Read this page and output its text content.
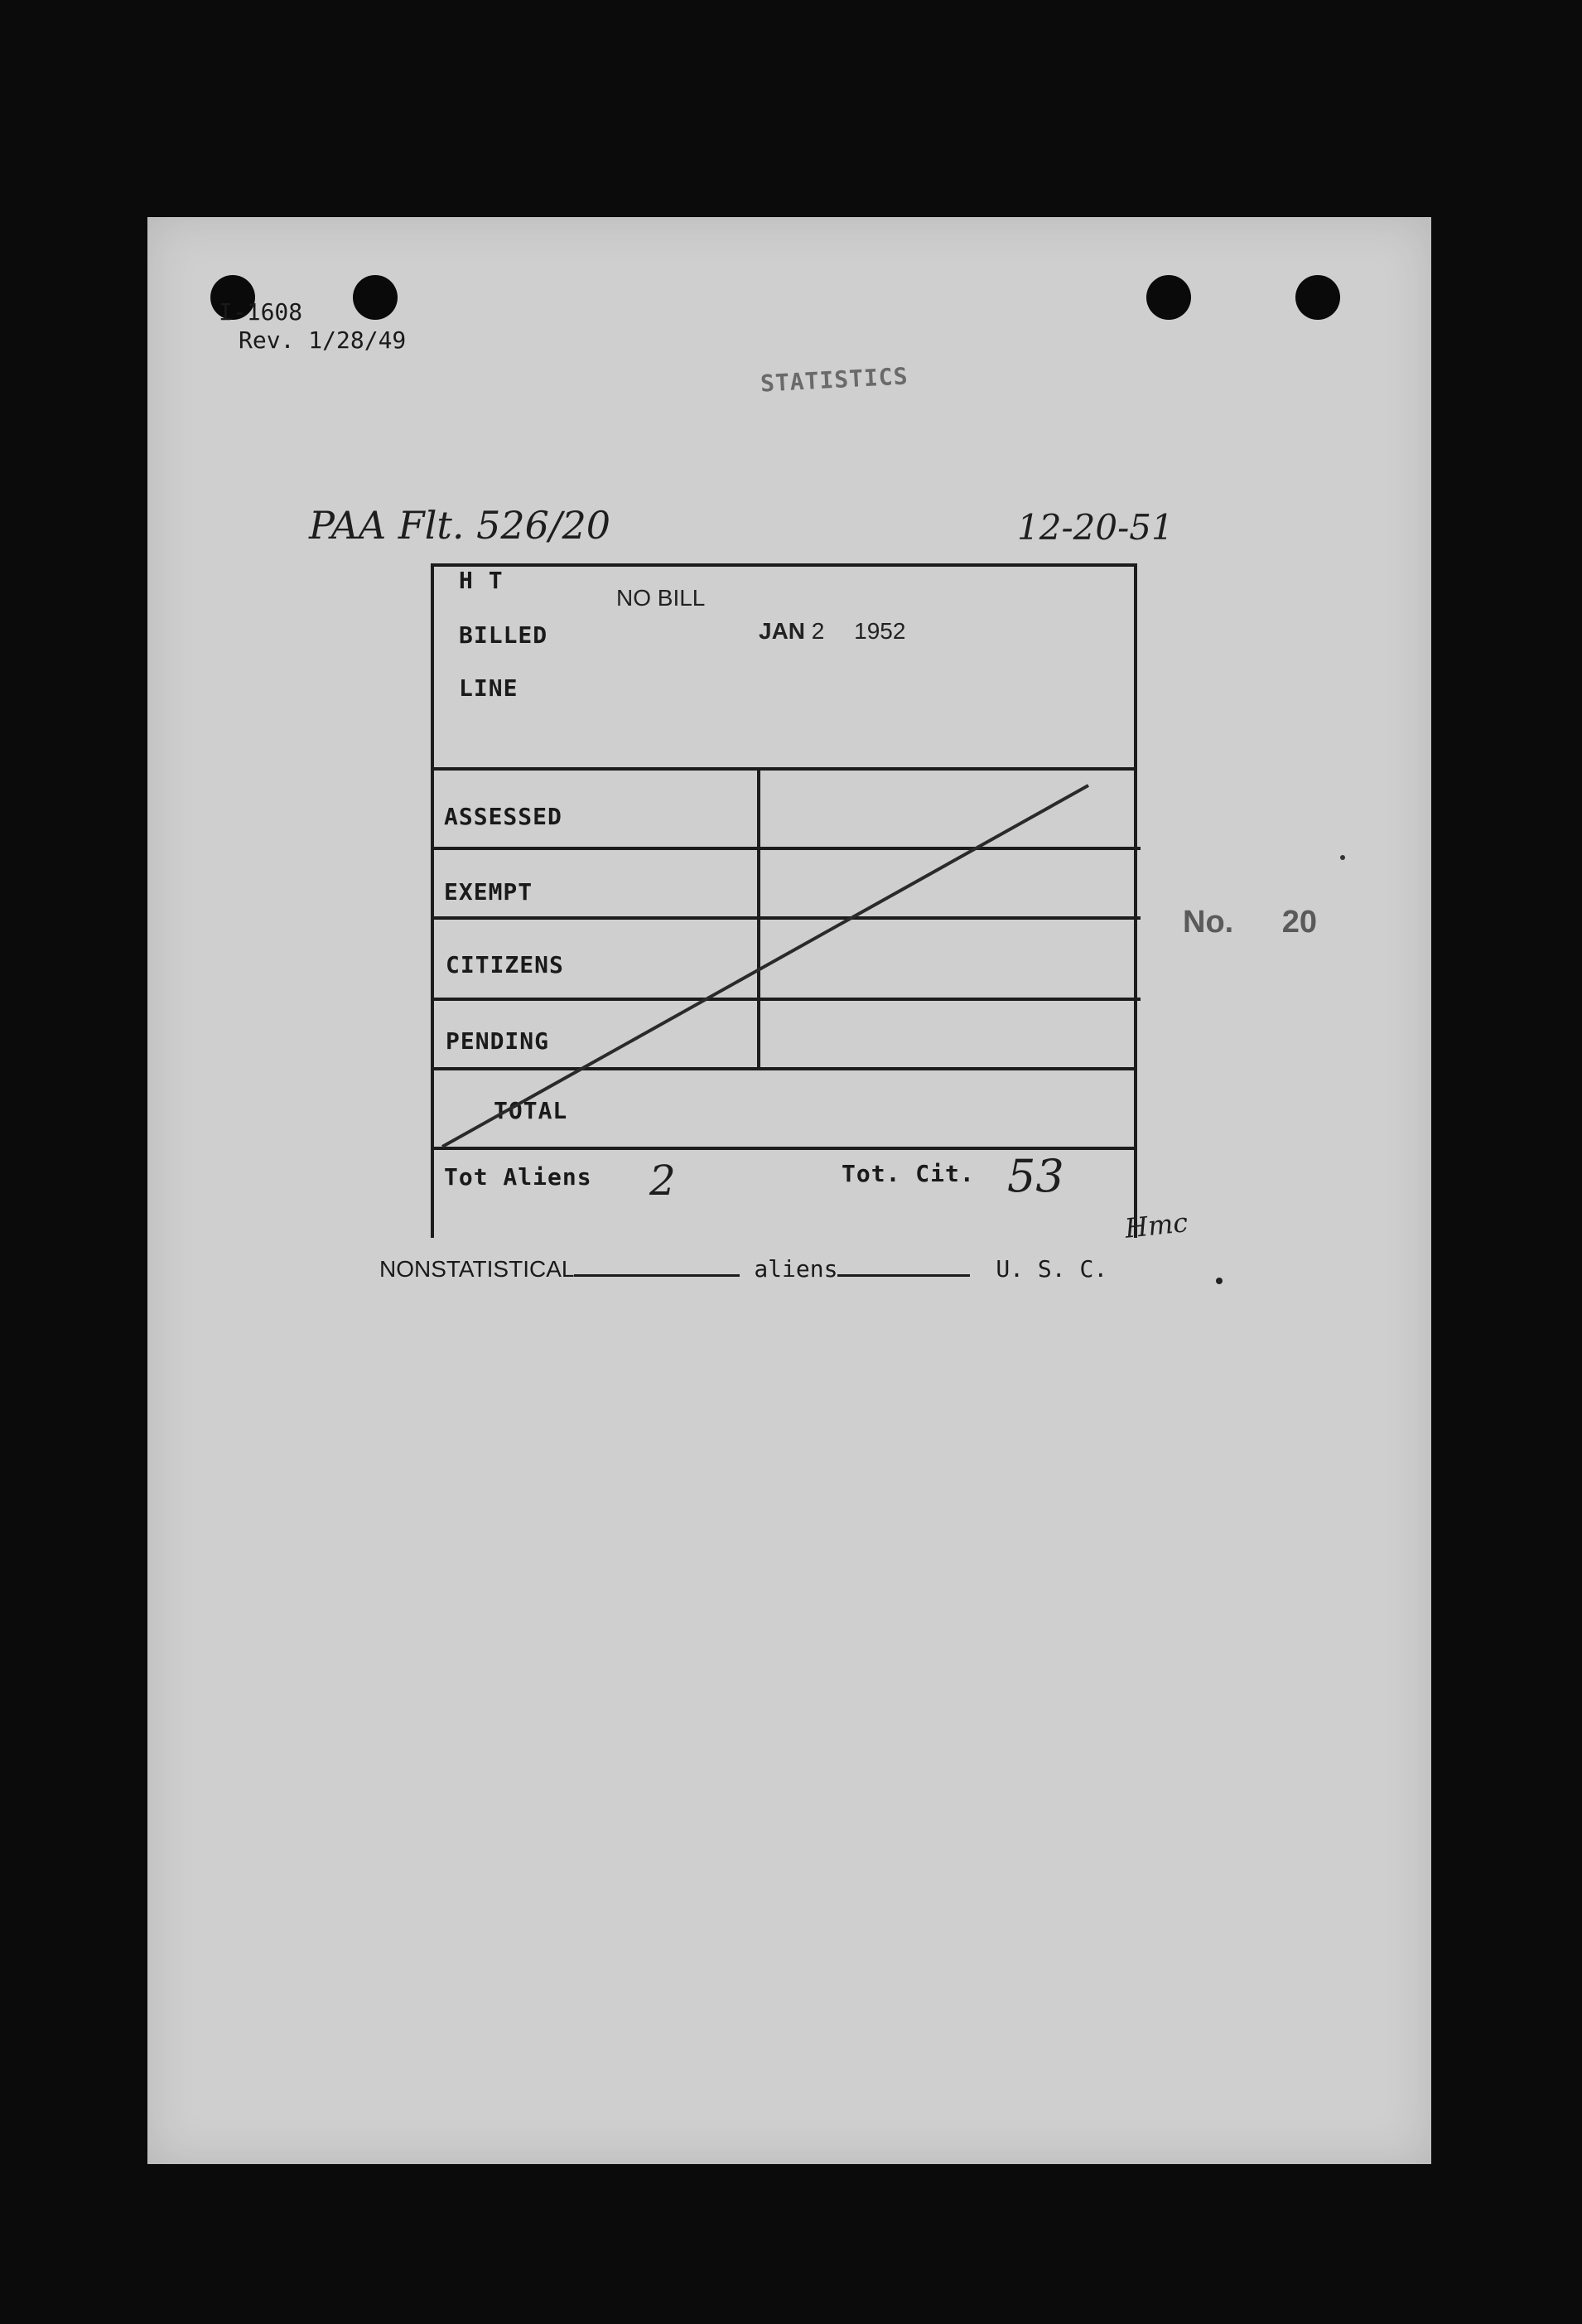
I-1608
Rev. 1/28/49
STATISTICS
PAA Flt. 526/20	12-20-51
H T
BILLED
LINE
NO BILL
JAN 2 1952
ASSESSED
EXEMPT
CITIZENS
PENDING
TOTAL
Tot Aliens 2	Tot. Cit. 53
Hmc
NONSTATISTICAL	aliens	U. S. C.
No. 20
